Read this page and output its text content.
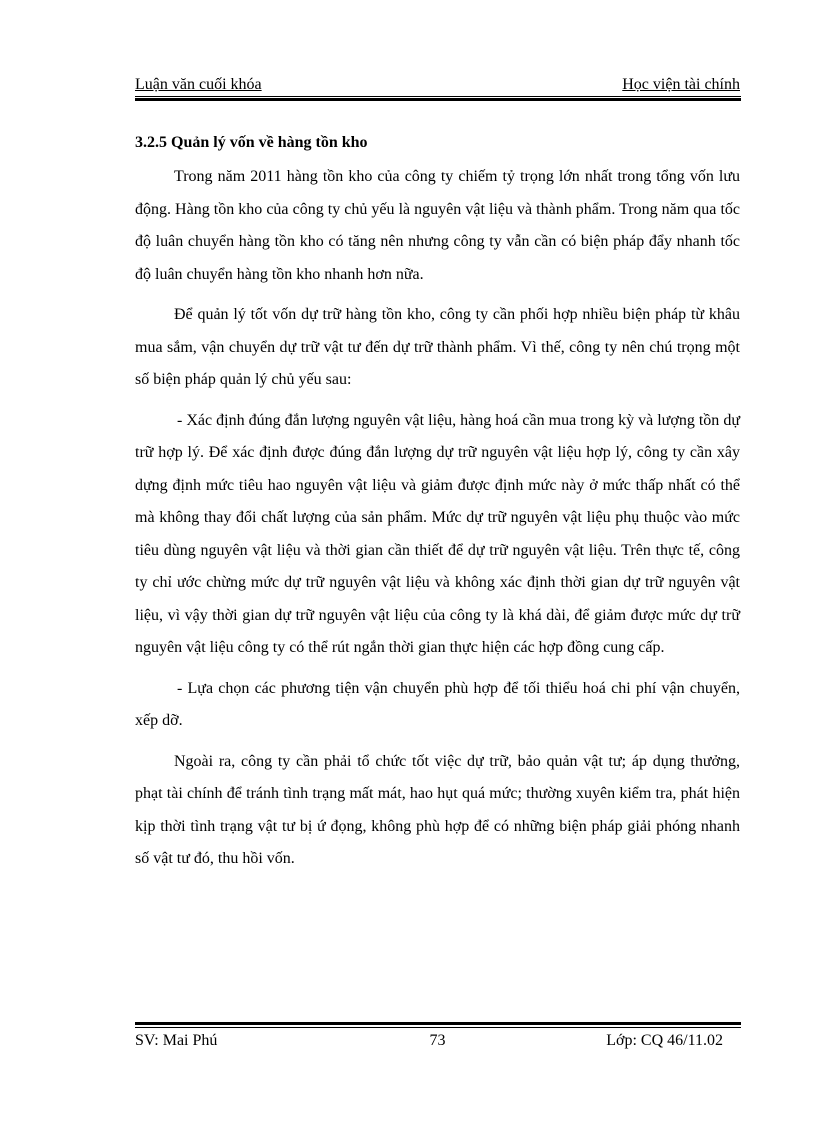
Luận văn cuối khóa	Học viện tài chính
3.2.5 Quản lý vốn về hàng tồn kho

Trong năm 2011 hàng tồn kho của công ty chiếm tỷ trọng lớn nhất trong tổng vốn lưu động. Hàng tồn kho của công ty chủ yếu là nguyên vật liệu và thành phẩm. Trong năm qua tốc độ luân chuyển hàng tồn kho có tăng nên nhưng công ty vẫn cần có biện pháp đẩy nhanh tốc độ luân chuyển hàng tồn kho nhanh hơn nữa.

Để quản lý tốt vốn dự trữ hàng tồn kho, công ty cần phối hợp nhiều biện pháp từ khâu mua sắm, vận chuyển dự trữ vật tư đến dự trữ thành phẩm. Vì thế, công ty nên chú trọng một số biện pháp quản lý chủ yếu sau:

- Xác định đúng đắn lượng nguyên vật liệu, hàng hoá cần mua trong kỳ và lượng tồn dự trữ hợp lý. Để xác định được đúng đắn lượng dự trữ nguyên vật liệu hợp lý, công ty cần xây dựng định mức tiêu hao nguyên vật liệu và giảm được định mức này ở mức thấp nhất có thể mà không thay đổi chất lượng của sản phẩm. Mức dự trữ nguyên vật liệu phụ thuộc vào mức tiêu dùng nguyên vật liệu và thời gian cần thiết để dự trữ nguyên vật liệu. Trên thực tế, công ty chỉ ước chừng mức dự trữ nguyên vật liệu và không xác định thời gian dự trữ nguyên vật liệu, vì vậy thời gian dự trữ nguyên vật liệu của công ty là khá dài, để giảm được mức dự trữ nguyên vật liệu công ty có thể rút ngắn thời gian thực hiện các hợp đồng cung cấp.

- Lựa chọn các phương tiện vận chuyển phù hợp để tối thiểu hoá chi phí vận chuyển, xếp dỡ.

Ngoài ra, công ty cần phải tổ chức tốt việc dự trữ, bảo quản vật tư; áp dụng thưởng, phạt tài chính để tránh tình trạng mất mát, hao hụt quá mức; thường xuyên kiểm tra, phát hiện kịp thời tình trạng vật tư bị ứ đọng, không phù hợp để có những biện pháp giải phóng nhanh số vật tư đó, thu hồi vốn.

SV: Mai Phú	73	Lớp: CQ 46/11.02
